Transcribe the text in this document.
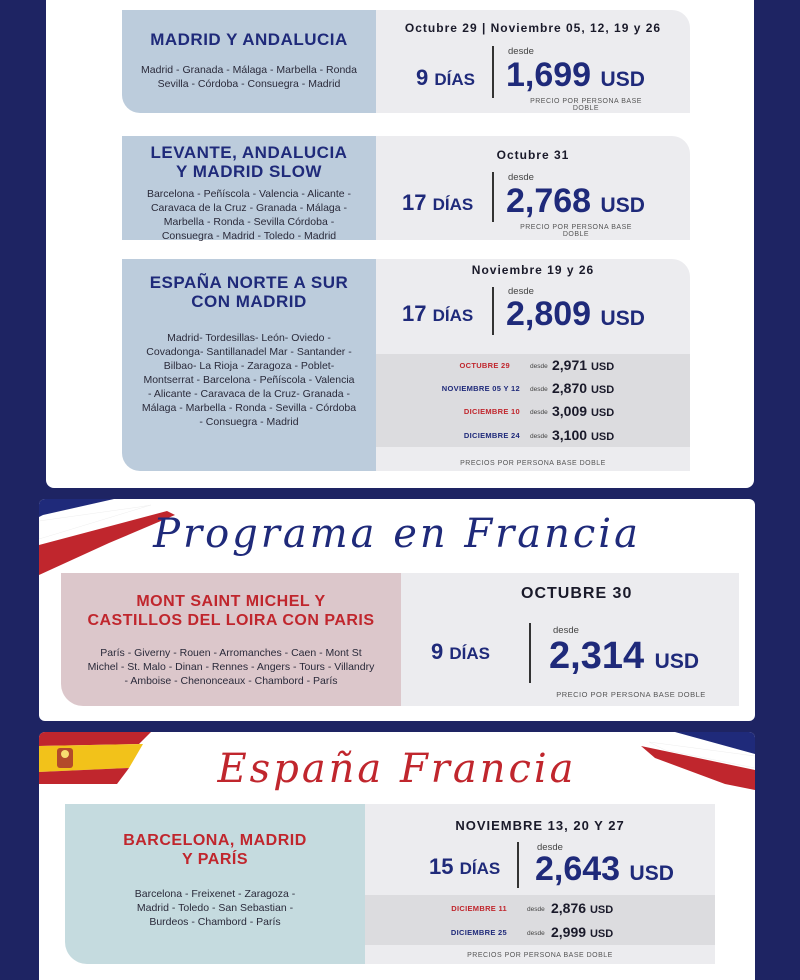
MADRID Y ANDALUCIA
Madrid - Granada - Málaga - Marbella - Ronda
Sevilla - Córdoba - Consuegra - Madrid
Octubre 29 | Noviembre 05, 12, 19 y 26
9 DÍAS
desde
1,699 USD
PRECIO POR PERSONA BASE DOBLE
LEVANTE, ANDALUCIA
Y MADRID SLOW
Barcelona - Peñíscola - Valencia - Alicante -
Caravaca de la Cruz - Granada - Málaga -
Marbella - Ronda - Sevilla Córdoba -
Consuegra - Madrid - Toledo - Madrid
Octubre 31
17 DÍAS
desde
2,768 USD
PRECIO POR PERSONA BASE DOBLE
ESPAÑA NORTE A SUR
CON MADRID
Madrid- Tordesillas- León- Oviedo -
Covadonga- Santillanadel Mar - Santander -
Bilbao- La Rioja - Zaragoza - Poblet-
Montserrat - Barcelona - Peñíscola - Valencia
- Alicante - Caravaca de la Cruz- Granada -
Málaga - Marbella - Ronda - Sevilla - Córdoba
- Consuegra - Madrid
Noviembre 19 y 26
17 DÍAS
desde
2,809 USD
OCTUBRE 29	desde 2,971 USD
NOVIEMBRE 05 Y 12 desde 2,870 USD
DICIEMBRE 10 desde 3,009 USD
DICIEMBRE 24 desde 3,100 USD
PRECIOS POR PERSONA BASE DOBLE
Programa en Francia
MONT SAINT MICHEL Y
CASTILLOS DEL LOIRA CON PARIS
París - Giverny - Rouen - Arromanches - Caen - Mont St
Michel - St. Malo - Dinan - Rennes - Angers - Tours - Villandry
- Amboise - Chenonceaux - Chambord - París
OCTUBRE 30
9 DÍAS
desde
2,314 USD
PRECIO POR PERSONA BASE DOBLE
España Francia
BARCELONA, MADRID
Y PARÍS
Barcelona - Freixenet - Zaragoza -
Madrid - Toledo - San Sebastian -
Burdeos - Chambord - París
NOVIEMBRE 13, 20 Y 27
15 DÍAS
desde
2,643 USD
DICIEMBRE 11	desde 2,876 USD
DICIEMBRE 25	desde 2,999 USD
PRECIOS POR PERSONA BASE DOBLE
